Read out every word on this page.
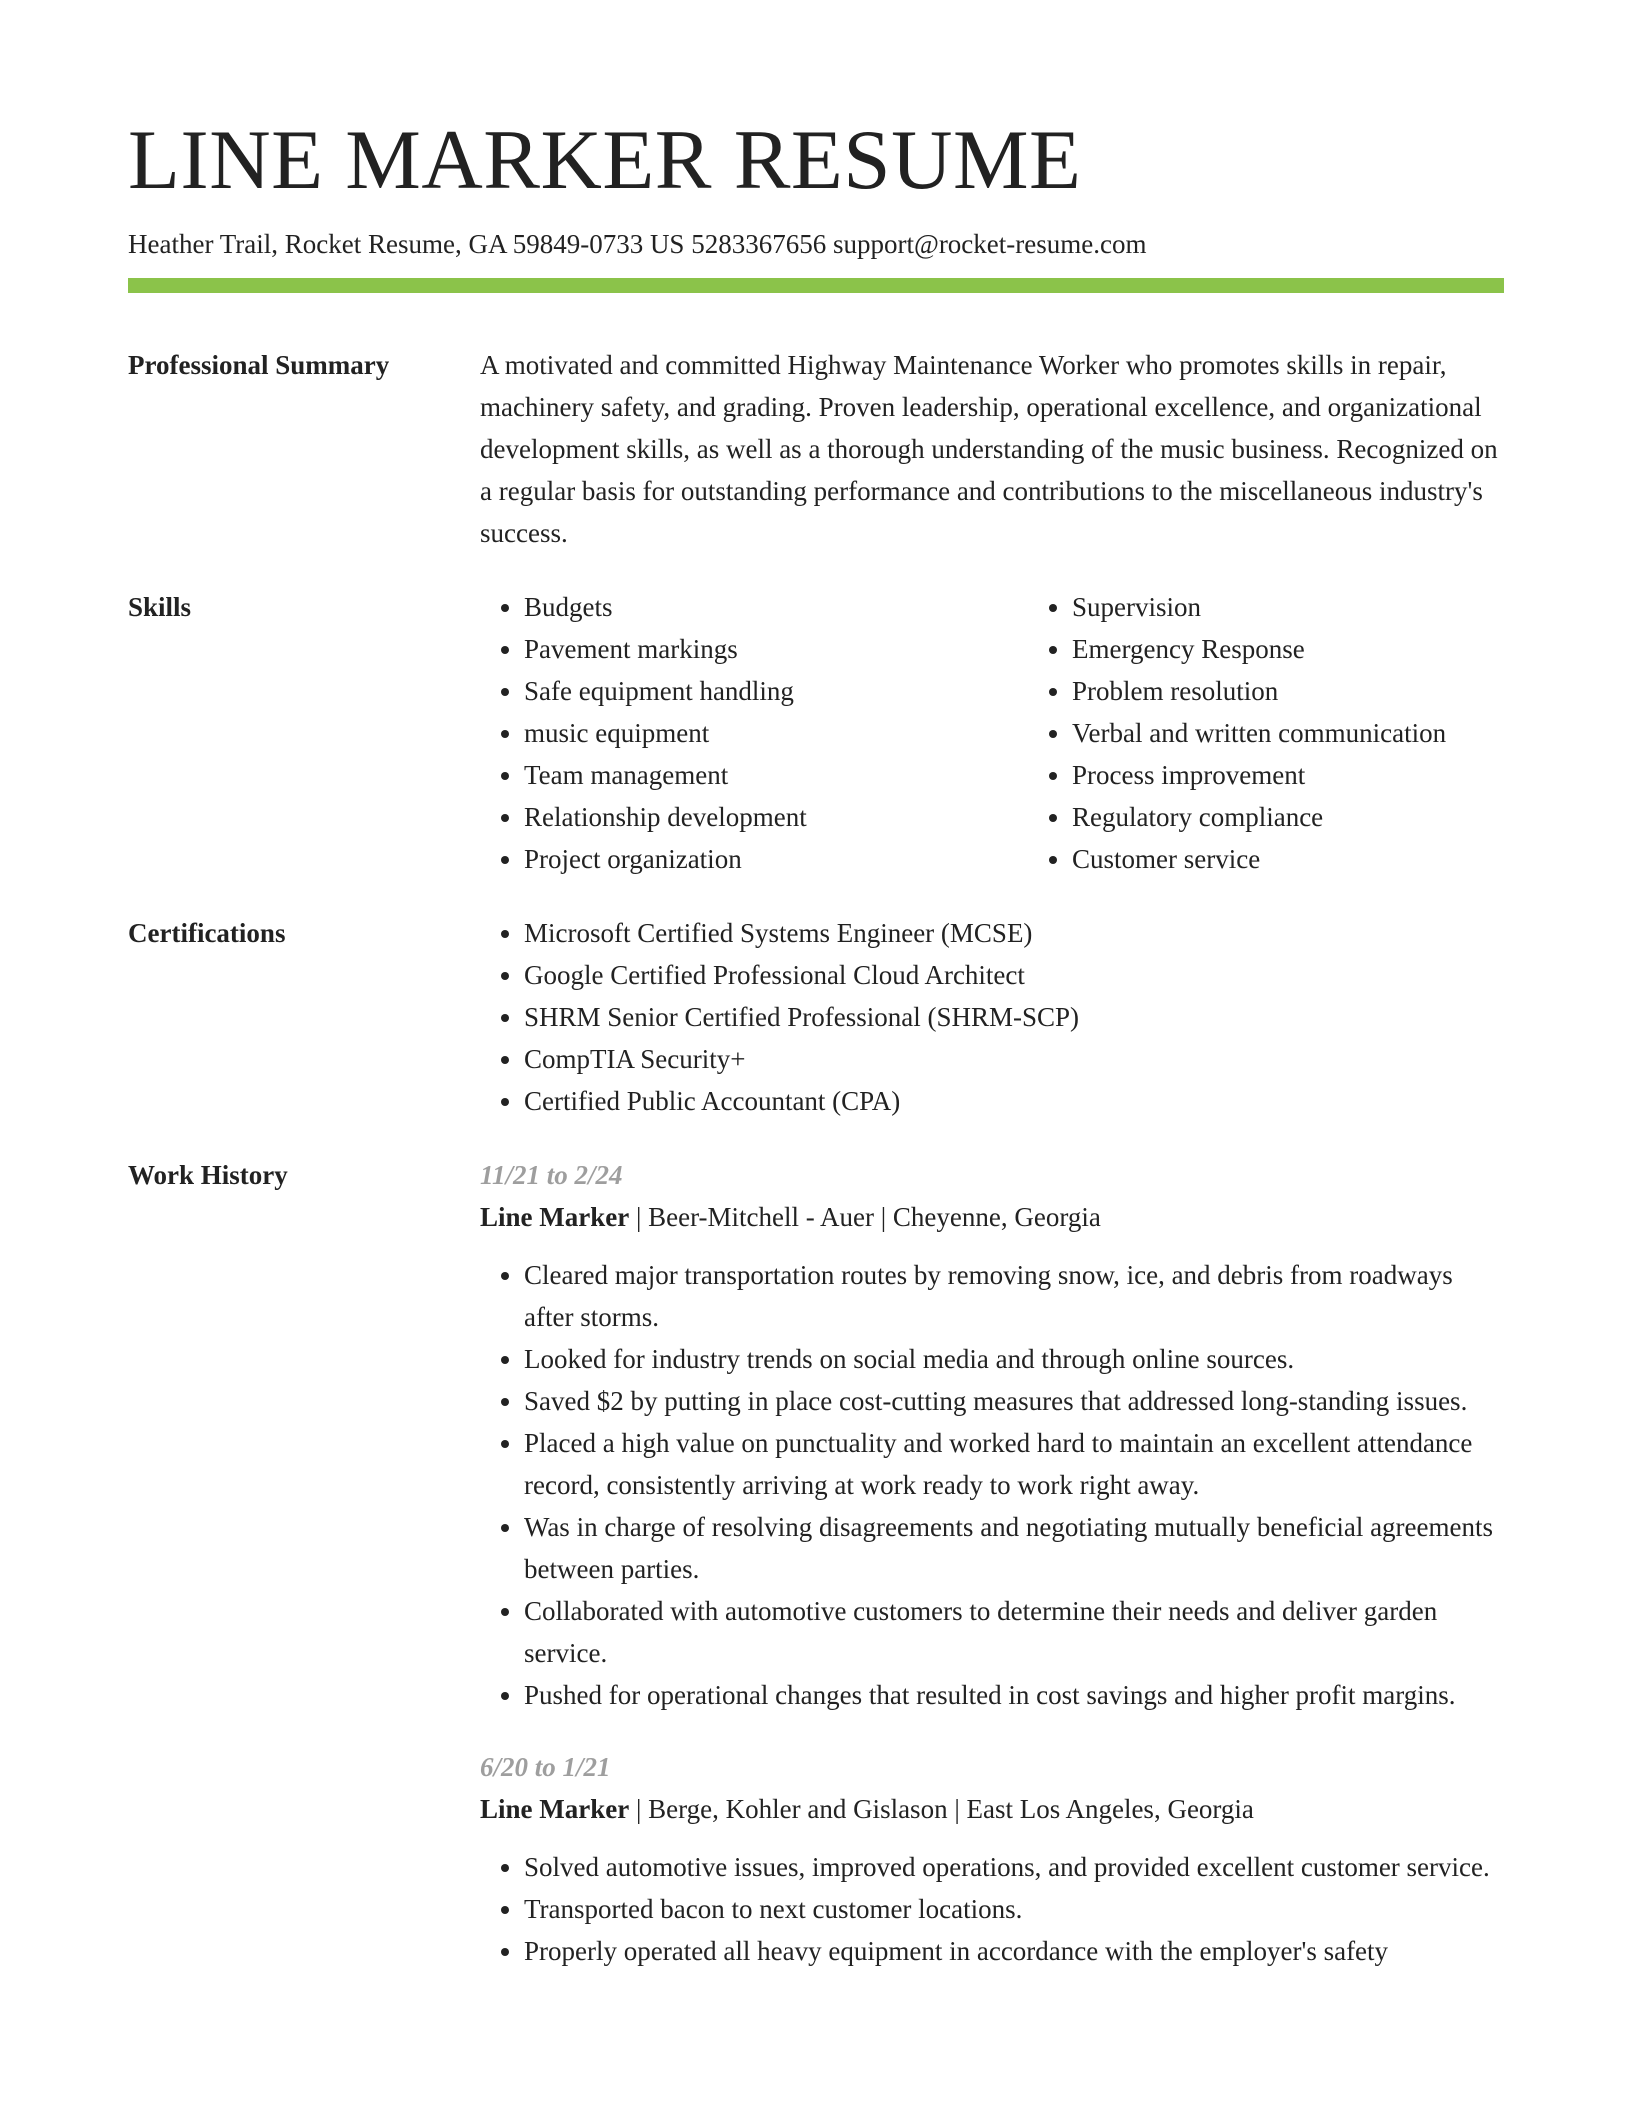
LINE MARKER RESUME
Heather Trail, Rocket Resume, GA 59849-0733 US 5283367656 support@rocket-resume.com
Professional Summary	A motivated and committed Highway Maintenance Worker who promotes skills in repair, machinery safety, and grading. Proven leadership, operational excellence, and organizational development skills, as well as a thorough understanding of the music business. Recognized on a regular basis for outstanding performance and contributions to the miscellaneous industry's success.
Skills	• Budgets
• Pavement markings
• Safe equipment handling
• music equipment
• Team management
• Relationship development
• Project organization
• Supervision
• Emergency Response
• Problem resolution
• Verbal and written communication
• Process improvement
• Regulatory compliance
• Customer service
Certifications	• Microsoft Certified Systems Engineer (MCSE)
• Google Certified Professional Cloud Architect
• SHRM Senior Certified Professional (SHRM-SCP)
• CompTIA Security+
• Certified Public Accountant (CPA)
Work History	11/21 to 2/24
Line Marker | Beer-Mitchell - Auer | Cheyenne, Georgia
• Cleared major transportation routes by removing snow, ice, and debris from roadways after storms.
• Looked for industry trends on social media and through online sources.
• Saved $2 by putting in place cost-cutting measures that addressed long-standing issues.
• Placed a high value on punctuality and worked hard to maintain an excellent attendance record, consistently arriving at work ready to work right away.
• Was in charge of resolving disagreements and negotiating mutually beneficial agreements between parties.
• Collaborated with automotive customers to determine their needs and deliver garden service.
• Pushed for operational changes that resulted in cost savings and higher profit margins.
6/20 to 1/21
Line Marker | Berge, Kohler and Gislason | East Los Angeles, Georgia
• Solved automotive issues, improved operations, and provided excellent customer service.
• Transported bacon to next customer locations.
• Properly operated all heavy equipment in accordance with the employer's safety
